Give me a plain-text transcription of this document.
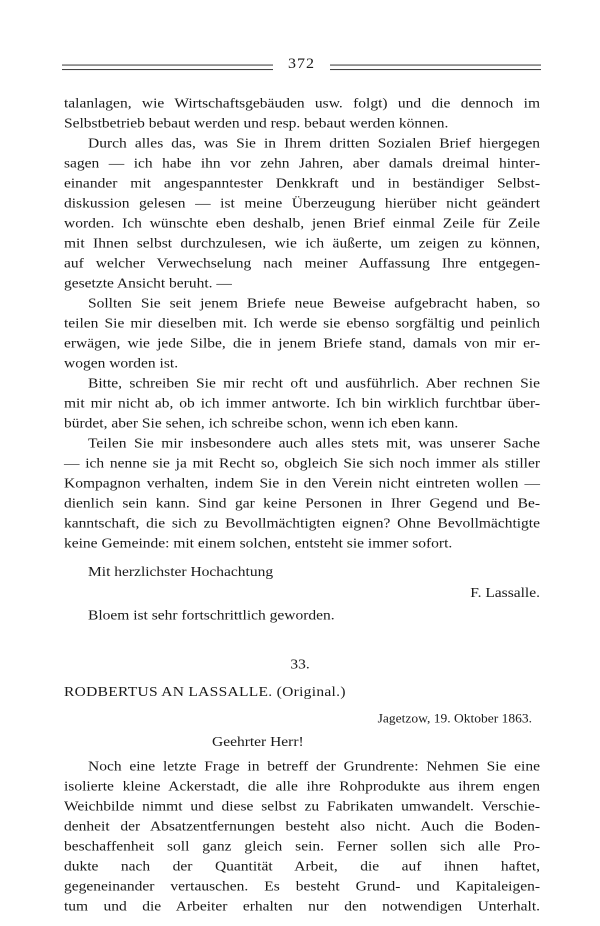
372
talanlagen, wie Wirtschaftsgebäuden usw. folgt) und die dennoch im
Selbstbetrieb bebaut werden und resp. bebaut werden können.
Durch alles das, was Sie in Ihrem dritten Sozialen Brief hiergegen
sagen — ich habe ihn vor zehn Jahren, aber damals dreimal hinter-
einander mit angespanntester Denkkraft und in beständiger Selbst-
diskussion gelesen — ist meine Überzeugung hierüber nicht geändert
worden. Ich wünschte eben deshalb, jenen Brief einmal Zeile für Zeile
mit Ihnen selbst durchzulesen, wie ich äußerte, um zeigen zu können,
auf welcher Verwechselung nach meiner Auffassung Ihre entgegen-
gesetzte Ansicht beruht. —
Sollten Sie seit jenem Briefe neue Beweise aufgebracht haben, so
teilen Sie mir dieselben mit. Ich werde sie ebenso sorgfältig und peinlich
erwägen, wie jede Silbe, die in jenem Briefe stand, damals von mir er-
wogen worden ist.
Bitte, schreiben Sie mir recht oft und ausführlich. Aber rechnen Sie
mit mir nicht ab, ob ich immer antworte. Ich bin wirklich furchtbar über-
bürdet, aber Sie sehen, ich schreibe schon, wenn ich eben kann.
Teilen Sie mir insbesondere auch alles stets mit, was unserer Sache
— ich nenne sie ja mit Recht so, obgleich Sie sich noch immer als stiller
Kompagnon verhalten, indem Sie in den Verein nicht eintreten wollen —
dienlich sein kann. Sind gar keine Personen in Ihrer Gegend und Be-
kanntschaft, die sich zu Bevollmächtigten eignen? Ohne Bevollmächtigte
keine Gemeinde: mit einem solchen, entsteht sie immer sofort.
Mit herzlichster Hochachtung
F. Lassalle.
Bloem ist sehr fortschrittlich geworden.
33.
RODBERTUS AN LASSALLE. (Original.)
Jagetzow, 19. Oktober 1863.
Geehrter Herr!
Noch eine letzte Frage in betreff der Grundrente: Nehmen Sie eine
isolierte kleine Ackerstadt, die alle ihre Rohprodukte aus ihrem engen
Weichbilde nimmt und diese selbst zu Fabrikaten umwandelt. Verschie-
denheit der Absatzentfernungen besteht also nicht. Auch die Boden-
beschaffenheit soll ganz gleich sein. Ferner sollen sich alle Pro-
dukte nach der Quantität Arbeit, die auf ihnen haftet,
gegeneinander vertauschen. Es besteht Grund- und Kapitaleigen-
tum und die Arbeiter erhalten nur den notwendigen Unterhalt.
